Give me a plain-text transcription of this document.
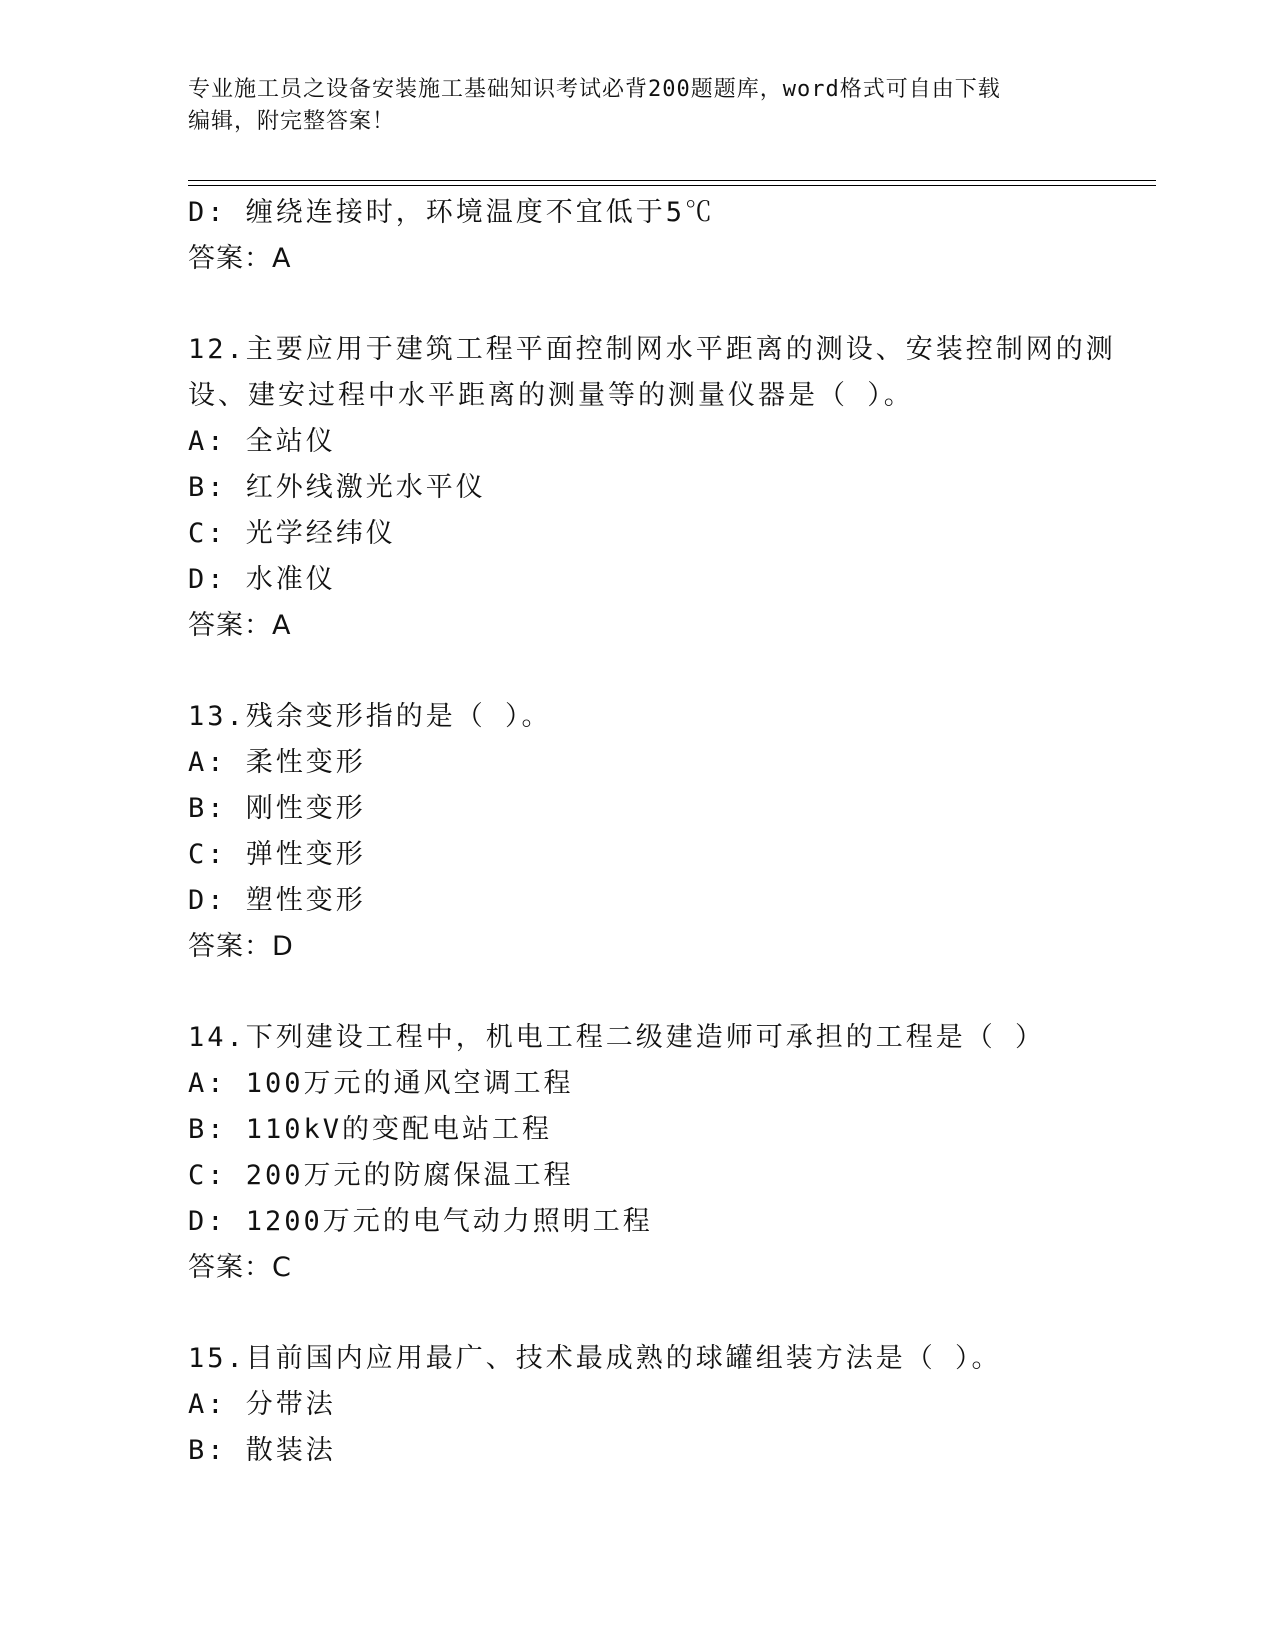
专业施工员之设备安装施工基础知识考试必背200题题库，word格式可自由下载
编辑，附完整答案！
D: 缠绕连接时，环境温度不宜低于5℃
答案：A
12.主要应用于建筑工程平面控制网水平距离的测设、安装控制网的测
设、建安过程中水平距离的测量等的测量仪器是（ ）。
A: 全站仪
B: 红外线激光水平仪
C: 光学经纬仪
D: 水准仪
答案：A
13.残余变形指的是（ ）。
A: 柔性变形
B: 刚性变形
C: 弹性变形
D: 塑性变形
答案：D
14.下列建设工程中，机电工程二级建造师可承担的工程是（ ）
A: 100万元的通风空调工程
B: 110kV的变配电站工程
C: 200万元的防腐保温工程
D: 1200万元的电气动力照明工程
答案：C
15.目前国内应用最广、技术最成熟的球罐组装方法是（ ）。
A: 分带法
B: 散装法
